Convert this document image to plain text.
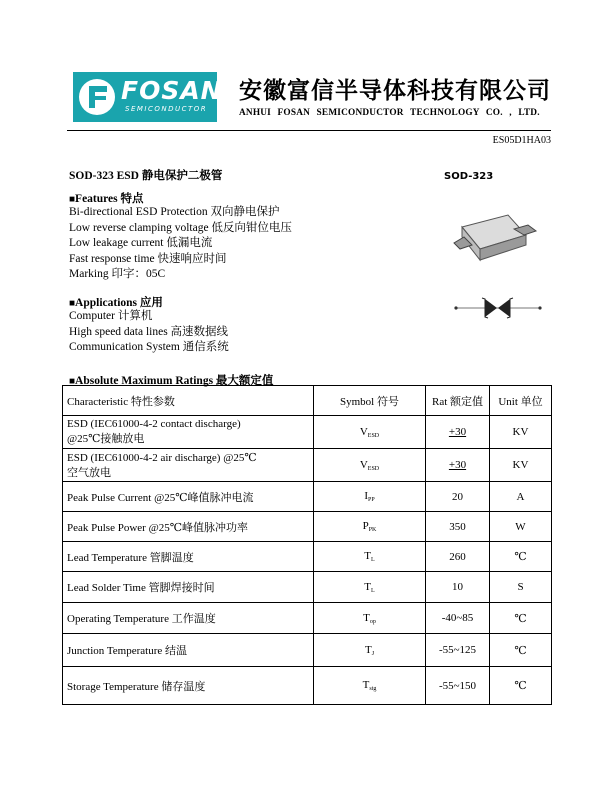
FOSAN
SEMICONDUCTOR
安徽富信半导体科技有限公司
ANHUI FOSAN SEMICONDUCTOR TECHNOLOGY CO. , LTD.
ES05D1HA03
SOD-323 ESD 静电保护二极管
■Features 特点
Bi-directional ESD Protection 双向静电保护
Low reverse clamping voltage 低反向钳位电压
Low leakage current 低漏电流
Fast response time 快速响应时间
Marking 印字：05C
■Applications 应用
Computer 计算机
High speed data lines 高速数据线
Communication System 通信系统
SOD-323
■Absolute Maximum Ratings 最大额定值
Characteristic 特性参数	Symbol 符号	Rat 额定值	Unit 单位

ESD (IEC61000-4-2 contact discharge)
@25℃接触放电	VESD	+30	KV

ESD (IEC61000-4-2 air discharge) @25℃
空气放电	VESD	+30	KV
Peak Pulse Current @25℃峰值脉冲电流	IPP	20	A
Peak Pulse Power @25℃峰值脉冲功率	PPK	350	W
Lead Temperature 管脚温度	TL	260	℃
Lead Solder Time 管脚焊接时间	TL	10	S
Operating Temperature 工作温度	Top	-40~85	℃
Junction Temperature 结温	TJ	-55~125	℃
Storage Temperature 储存温度	Tstg	-55~150	℃
